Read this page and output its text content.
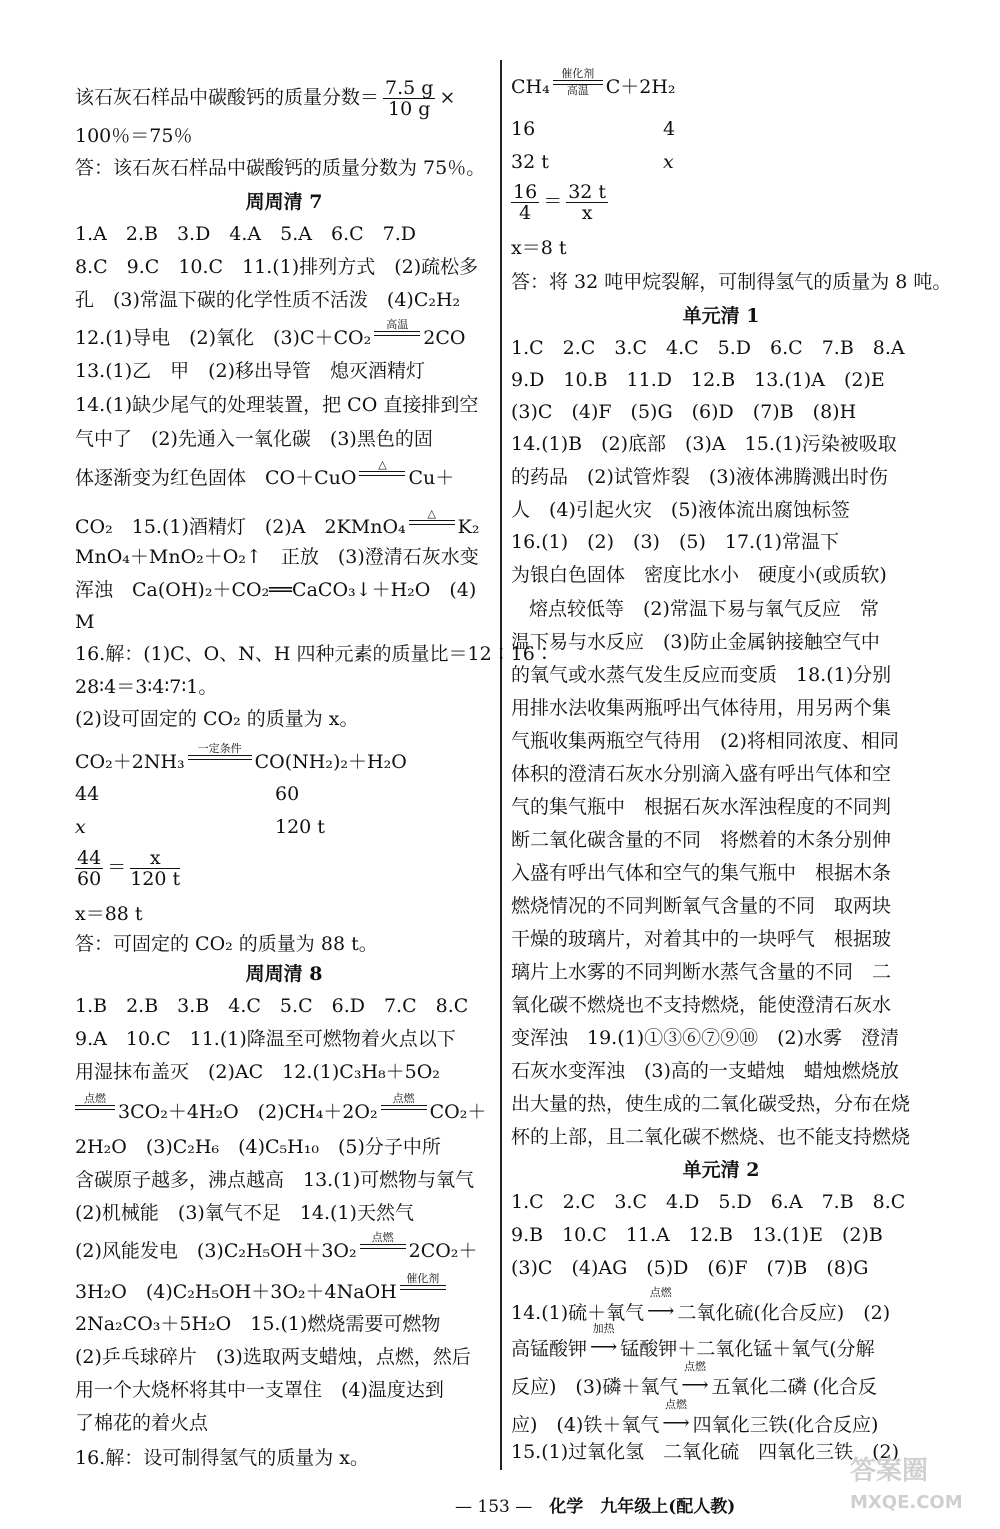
该石灰石样品中碳酸钙的质量分数＝ $\frac{7.5 g}{10 g}$ ×
100％＝75％
答：该石灰石样品中碳酸钙的质量分数为 75％。
周周清 7
1.A　2.B　3.D　4.A　5.A　6.C　7.D
8.C　9.C　10.C　11.(1)排列方式　(2)疏松多
孔　(3)常温下碳的化学性质不活泼　(4)C₂H₂
12.(1)导电　(2)氧化　(3)C＋CO₂
高温

2CO
13.(1)乙　甲　(2)移出导管　熄灭酒精灯
14.(1)缺少尾气的处理装置，把 CO 直接排到空
气中了　(2)先通入一氧化碳　(3)黑色的固
体逐渐变为红色固体　CO＋CuO
△

Cu＋
CO₂　15.(1)酒精灯　(2)A　2KMnO₄
△

K₂
MnO₄＋MnO₂＋O₂↑　正放　(3)澄清石灰水变
浑浊　Ca(OH)₂＋CO₂══CaCO₃↓＋H₂O　(4)
M
16.解：(1)C、O、N、H 四种元素的质量比＝12∶16∶
28∶4＝3∶4∶7∶1。
(2)设可固定的 CO₂ 的质量为 x。
CO₂＋2NH₃
一定条件

CO(NH₂)₂＋H₂O
44	60
x	120 t
$\frac{44}{60} = \frac{x}{120 t}$
x＝88 t
答：可固定的 CO₂ 的质量为 88 t。
周周清 8
1.B　2.B　3.B　4.C　5.C　6.D　7.C　8.C
9.A　10.C　11.(1)降温至可燃物着火点以下
用湿抹布盖灭　(2)AC　12.(1)C₃H₈＋5O₂
点燃

3CO₂＋4H₂O　(2)CH₄＋2O₂
点燃

CO₂＋
2H₂O　(3)C₂H₆　(4)C₅H₁₀　(5)分子中所
含碳原子越多，沸点越高　13.(1)可燃物与氧气
(2)机械能　(3)氧气不足　14.(1)天然气
(2)风能发电　(3)C₂H₅OH＋3O₂
点燃

2CO₂＋
3H₂O　(4)C₂H₅OH＋3O₂＋4NaOH
催化剂

2Na₂CO₃＋5H₂O　15.(1)燃烧需要可燃物
(2)乒乓球碎片　(3)选取两支蜡烛，点燃，然后
用一个大烧杯将其中一支罩住　(4)温度达到
了棉花的着火点
16.解：设可制得氢气的质量为 x。
CH₄
催化剂
高温 C＋2H₂
16	4
32 t	x
$\frac{16}{4} = \frac{32 t}{x}$
x＝8 t
答：将 32 吨甲烷裂解，可制得氢气的质量为 8 吨。
单元清 1
1.C　2.C　3.C　4.C　5.D　6.C　7.B　8.A
9.D　10.B　11.D　12.B　13.(1)A　(2)E
(3)C　(4)F　(5)G　(6)D　(7)B　(8)H
14.(1)B　(2)底部　(3)A　15.(1)污染被吸取
的药品　(2)试管炸裂　(3)液体沸腾溅出时伤
人　(4)引起火灾　(5)液体流出腐蚀标签
16.(1)　(2)　(3)　(5)　17.(1)常温下
为银白色固体　密度比水小　硬度小(或质软)
熔点较低等　(2)常温下易与氧气反应　常
温下易与水反应　(3)防止金属钠接触空气中
的氧气或水蒸气发生反应而变质　18.(1)分别
用排水法收集两瓶呼出气体待用，用另两个集
气瓶收集两瓶空气待用　(2)将相同浓度、相同
体积的澄清石灰水分别滴入盛有呼出气体和空
气的集气瓶中　根据石灰水浑浊程度的不同判
断二氧化碳含量的不同　将燃着的木条分别伸
入盛有呼出气体和空气的集气瓶中　根据木条
燃烧情况的不同判断氧气含量的不同　取两块
干燥的玻璃片，对着其中的一块呼气　根据玻
璃片上水雾的不同判断水蒸气含量的不同　二
氧化碳不燃烧也不支持燃烧，能使澄清石灰水
变浑浊　19.(1)①③⑥⑦⑨⑩　(2)水雾　澄清
石灰水变浑浊　(3)高的一支蜡烛　蜡烛燃烧放
出大量的热，使生成的二氧化碳受热，分布在烧
杯的上部，且二氧化碳不燃烧、也不能支持燃烧
单元清 2
1.C　2.C　3.C　4.D　5.D　6.A　7.B　8.C
9.B　10.C　11.A　12.B　13.(1)E　(2)B
(3)C　(4)AG　(5)D　(6)F　(7)B　(8)G
14.(1)硫＋氧气
点燃
⟶ 二氧化硫(化合反应)　(2)
高锰酸钾
加热
⟶ 锰酸钾＋二氧化锰＋氧气(分解
反应)　(3)磷＋氧气
点燃
⟶ 五氧化二磷 (化合反
应)　(4)铁＋氧气
点燃
⟶ 四氧化三铁(化合反应)
15.(1)过氧化氢　二氧化硫　四氧化三铁　(2)
— 153 —　 化学　九年级上(配人教)
答案圈
MXQE.COM
